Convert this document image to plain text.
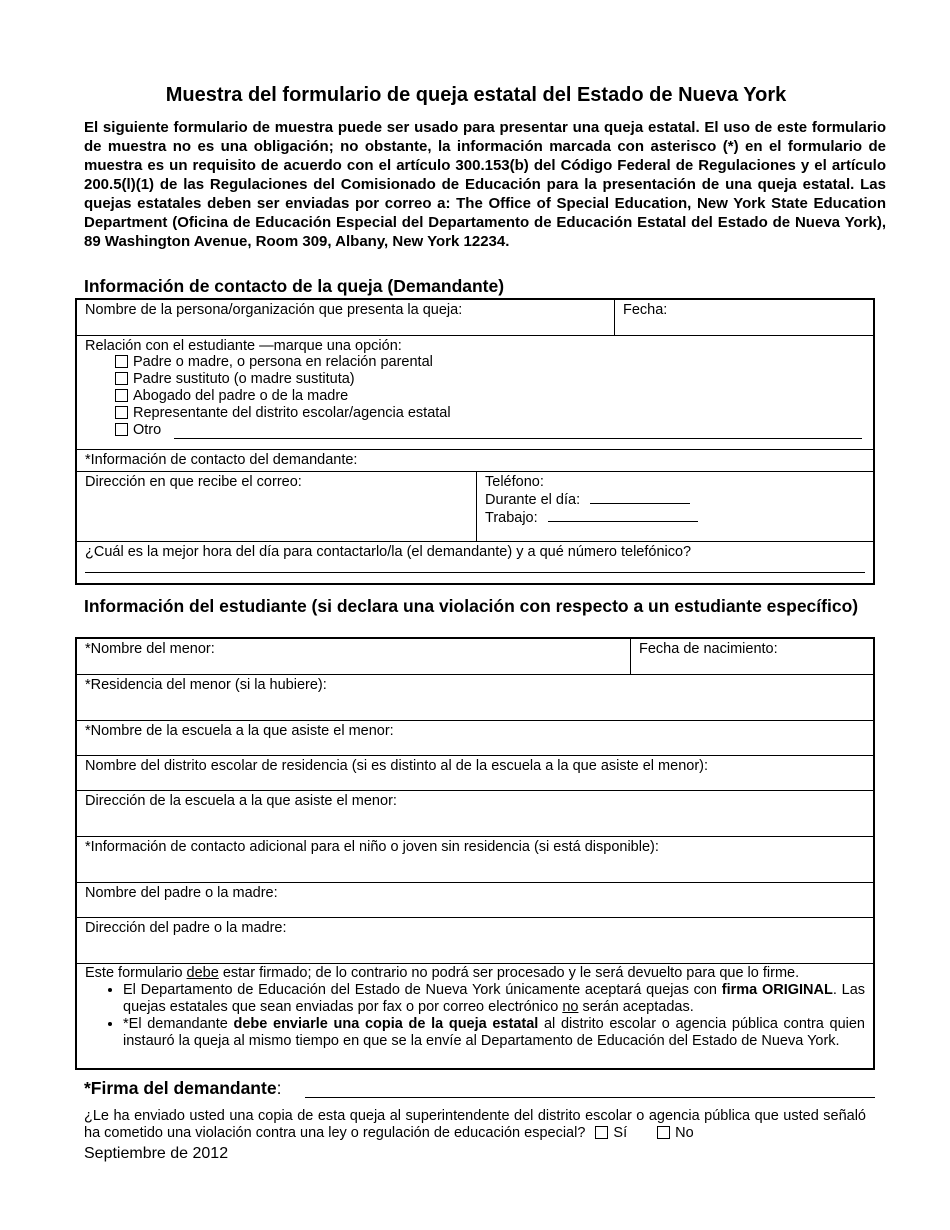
Muestra del formulario de queja estatal del Estado de Nueva York

El siguiente formulario de muestra puede ser usado para presentar una queja estatal. El uso de este formulario de muestra no es una obligación; no obstante, la información marcada con asterisco (*) en el formulario de muestra es un requisito de acuerdo con el artículo 300.153(b) del Código Federal de Regulaciones y el artículo 200.5(l)(1) de las Regulaciones del Comisionado de Educación para la presentación de una queja estatal. Las quejas estatales deben ser enviadas por correo a: The Office of Special Education, New York State Education Department (Oficina de Educación Especial del Departamento de Educación Estatal del Estado de Nueva York), 89 Washington Avenue, Room 309, Albany, New York 12234.

Información de contacto de la queja (Demandante)
Nombre de la persona/organización que presenta la queja:	Fecha:
Relación con el estudiante —marque una opción:
Padre o madre, o persona en relación parental
Padre sustituto (o madre sustituta)
Abogado del padre o de la madre
Representante del distrito escolar/agencia estatal
Otro
*Información de contacto del demandante:
Dirección en que recibe el correo:	Teléfono:
Durante el día:
Trabajo:
¿Cuál es la mejor hora del día para contactarlo/la (el demandante) y a qué número telefónico?
Información del estudiante (si declara una violación con respecto a un estudiante específico)
*Nombre del menor:	Fecha de nacimiento:
*Residencia del menor (si la hubiere):
*Nombre de la escuela a la que asiste el menor:
Nombre del distrito escolar de residencia (si es distinto al de la escuela a la que asiste el menor):
Dirección de la escuela a la que asiste el menor:
*Información de contacto adicional para el niño o joven sin residencia (si está disponible):
Nombre del padre o la madre:
Dirección del padre o la madre:
Este formulario debe estar firmado; de lo contrario no podrá ser procesado y le será devuelto para que lo firme.
• El Departamento de Educación del Estado de Nueva York únicamente aceptará quejas con firma ORIGINAL. Las quejas estatales que sean enviadas por fax o por correo electrónico no serán aceptadas.
• *El demandante debe enviarle una copia de la queja estatal al distrito escolar o agencia pública contra quien instauró la queja al mismo tiempo en que se la envíe al Departamento de Educación del Estado de Nueva York.
*Firma del demandante:

¿Le ha enviado usted una copia de esta queja al superintendente del distrito escolar o agencia pública que usted señaló ha cometido una violación contra una ley o regulación de educación especial? Sí	No

Septiembre de 2012
